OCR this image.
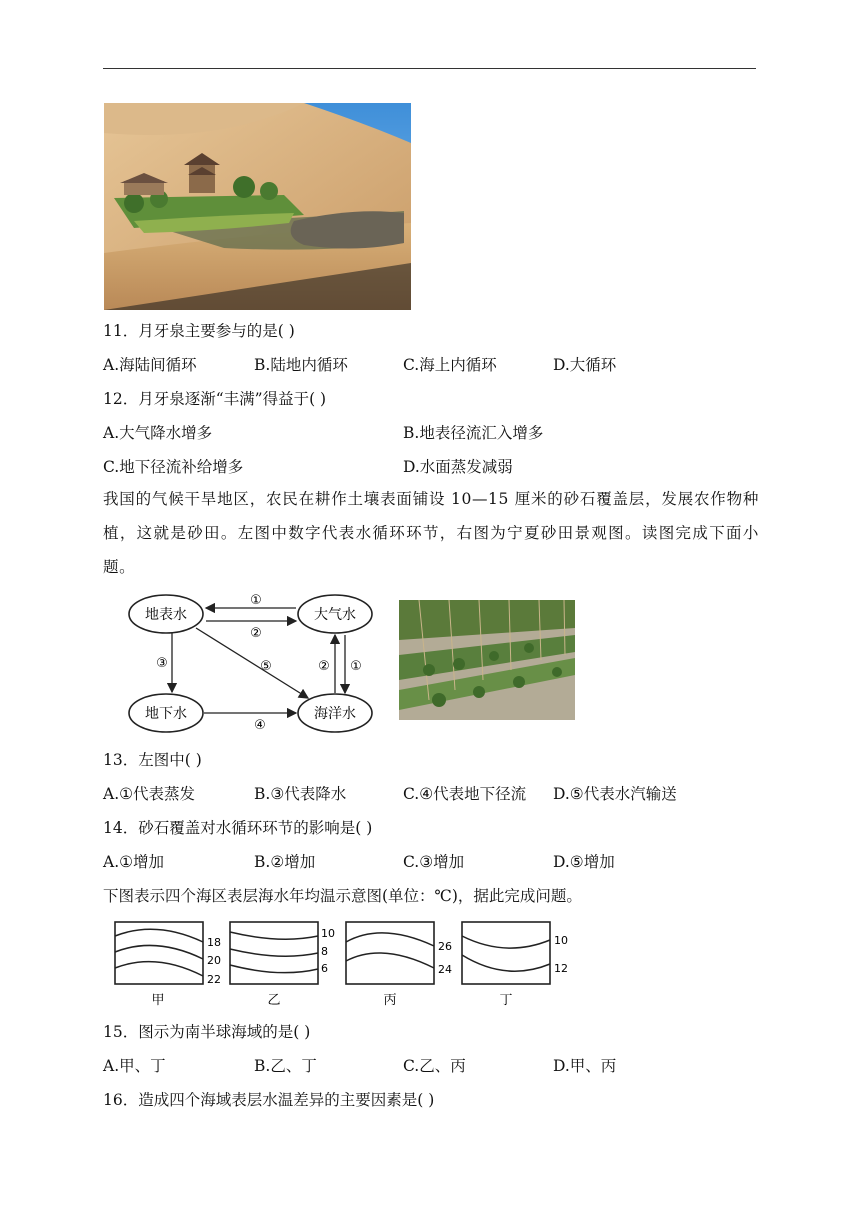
11．月牙泉主要参与的是( )
A.海陆间循环	B.陆地内循环	C.海上内循环	D.大循环
12．月牙泉逐渐“丰满”得益于( )
A.大气降水增多	B.地表径流汇入增多
C.地下径流补给增多	D.水面蒸发减弱
我国的气候干旱地区，农民在耕作土壤表面铺设 10—15 厘米的砂石覆盖层，发展农作物种植，这就是砂田。左图中数字代表水循环环节，右图为宁夏砂田景观图。读图完成下面小题。
地表水	大气水
地下水	海洋水
①
②
③
④
⑤	② ①
13．左图中( )
A.①代表蒸发	B.③代表降水	C.④代表地下径流 D.⑤代表水汽输送
14．砂石覆盖对水循环环节的影响是( )
A.①增加	B.②增加	C.③增加	D.⑤增加
下图表示四个海区表层海水年均温示意图(单位：℃)，据此完成问题。
18
20
22
甲
10
8
6
乙
26
24
丙
10
12
丁
15．图示为南半球海域的是( )
A.甲、丁	B.乙、丁	C.乙、丙	D.甲、丙
16．造成四个海域表层水温差异的主要因素是( )
